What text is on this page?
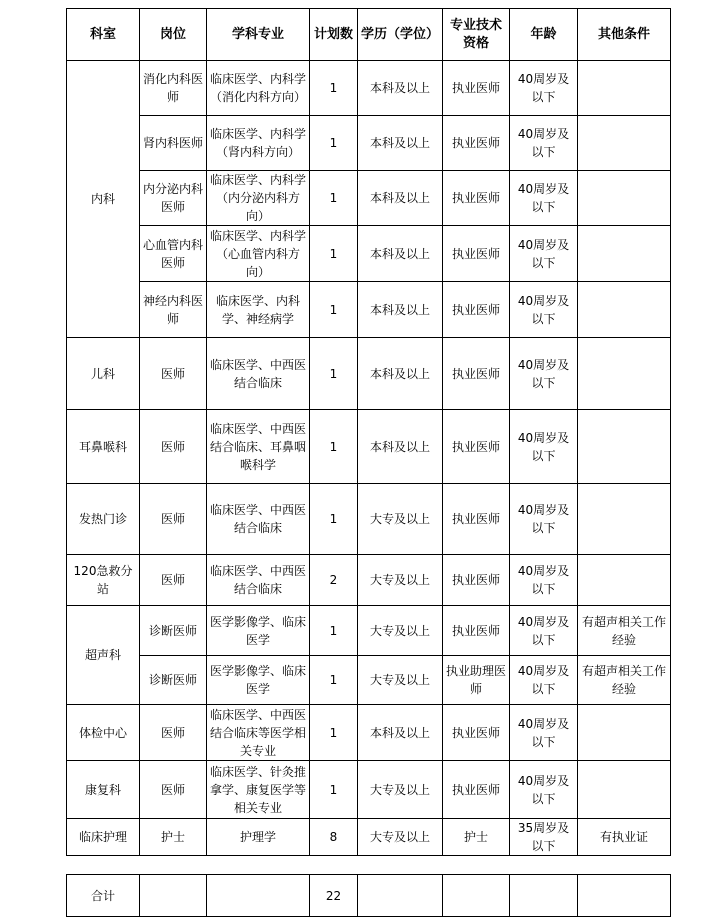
科室	岗位	学科专业	计划数	学历（学位）	专业技术资格	年龄	其他条件
内科	消化内科医师	临床医学、内科学（消化内科方向）	1	本科及以上	执业医师	40周岁及以下	
	肾内科医师	临床医学、内科学（肾内科方向）	1	本科及以上	执业医师	40周岁及以下	
	内分泌内科医师	临床医学、内科学（内分泌内科方向）	1	本科及以上	执业医师	40周岁及以下	
	心血管内科医师	临床医学、内科学（心血管内科方向）	1	本科及以上	执业医师	40周岁及以下	
	神经内科医师	临床医学、内科学、神经病学	1	本科及以上	执业医师	40周岁及以下	
儿科	医师	临床医学、中西医结合临床	1	本科及以上	执业医师	40周岁及以下	
耳鼻喉科	医师	临床医学、中西医结合临床、耳鼻咽喉科学	1	本科及以上	执业医师	40周岁及以下	
发热门诊	医师	临床医学、中西医结合临床	1	大专及以上	执业医师	40周岁及以下	
120急救分站	医师	临床医学、中西医结合临床	2	大专及以上	执业医师	40周岁及以下	
超声科	诊断医师	医学影像学、临床医学	1	大专及以上	执业医师	40周岁及以下	有超声相关工作经验
	诊断医师	医学影像学、临床医学	1	大专及以上	执业助理医师	40周岁及以下	有超声相关工作经验
体检中心	医师	临床医学、中西医结合临床等医学相关专业	1	本科及以上	执业医师	40周岁及以下	
康复科	医师	临床医学、针灸推拿学、康复医学等相关专业	1	大专及以上	执业医师	40周岁及以下	
临床护理	护士	护理学	8	大专及以上	护士	35周岁及以下	有执业证
合计			22				
